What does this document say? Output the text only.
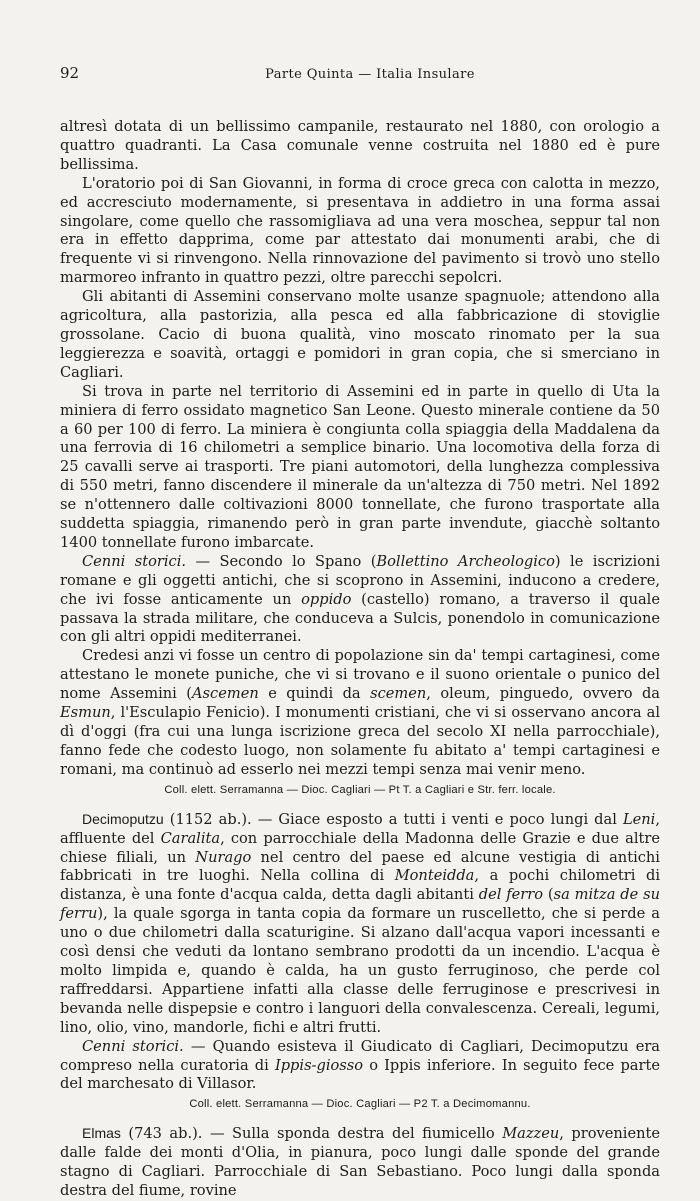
92	Parte Quinta — Italia Insulare

altresì dotata di un bellissimo campanile, restaurato nel 1880, con orologio a quattro quadranti. La Casa comunale venne costruita nel 1880 ed è pure bellissima.

L'oratorio poi di San Giovanni, in forma di croce greca con calotta in mezzo, ed accresciuto modernamente, si presentava in addietro in una forma assai singolare, come quello che rassomigliava ad una vera moschea, seppur tal non era in effetto dapprima, come par attestato dai monumenti arabi, che di frequente vi si rinvengono. Nella rinnovazione del pavimento si trovò uno stello marmoreo infranto in quattro pezzi, oltre parecchi sepolcri.

Gli abitanti di Assemini conservano molte usanze spagnuole; attendono alla agricoltura, alla pastorizia, alla pesca ed alla fabbricazione di stoviglie grossolane. Cacio di buona qualità, vino moscato rinomato per la sua leggierezza e soavità, ortaggi e pomidori in gran copia, che si smerciano in Cagliari.

Si trova in parte nel territorio di Assemini ed in parte in quello di Uta la miniera di ferro ossidato magnetico San Leone. Questo minerale contiene da 50 a 60 per 100 di ferro. La miniera è congiunta colla spiaggia della Maddalena da una ferrovia di 16 chilometri a semplice binario. Una locomotiva della forza di 25 cavalli serve ai trasporti. Tre piani automotori, della lunghezza complessiva di 550 metri, fanno discendere il minerale da un'altezza di 750 metri. Nel 1892 se n'ottennero dalle coltivazioni 8000 tonnellate, che furono trasportate alla suddetta spiaggia, rimanendo però in gran parte invendute, giacchè soltanto 1400 tonnellate furono imbarcate.

Cenni storici. — Secondo lo Spano (Bollettino Archeologico) le iscrizioni romane e gli oggetti antichi, che si scoprono in Assemini, inducono a credere, che ivi fosse anticamente un oppido (castello) romano, a traverso il quale passava la strada militare, che conduceva a Sulcis, ponendolo in comunicazione con gli altri oppidi mediterranei.

Credesi anzi vi fosse un centro di popolazione sin da' tempi cartaginesi, come attestano le monete puniche, che vi si trovano e il suono orientale o punico del nome Assemini (Ascemen e quindi da scemen, oleum, pinguedo, ovvero da Esmun, l'Esculapio Fenicio). I monumenti cristiani, che vi si osservano ancora al dì d'oggi (fra cui una lunga iscrizione greca del secolo XI nella parrocchiale), fanno fede che codesto luogo, non solamente fu abitato a' tempi cartaginesi e romani, ma continuò ad esserlo nei mezzi tempi senza mai venir meno.

Coll. elett. Serramanna — Dioc. Cagliari — Pt T. a Cagliari e Str. ferr. locale.

Decimoputzu (1152 ab.). — Giace esposto a tutti i venti e poco lungi dal Leni, affluente del Caralita, con parrocchiale della Madonna delle Grazie e due altre chiese filiali, un Nurago nel centro del paese ed alcune vestigia di antichi fabbricati in tre luoghi. Nella collina di Monteidda, a pochi chilometri di distanza, è una fonte d'acqua calda, detta dagli abitanti del ferro (sa mitza de su ferru), la quale sgorga in tanta copia da formare un ruscelletto, che si perde a uno o due chilometri dalla scaturigine. Si alzano dall'acqua vapori incessanti e così densi che veduti da lontano sembrano prodotti da un incendio. L'acqua è molto limpida e, quando è calda, ha un gusto ferruginoso, che perde col raffreddarsi. Appartiene infatti alla classe delle ferruginose e prescrivesi in bevanda nelle dispepsie e contro i languori della convalescenza. Cereali, legumi, lino, olio, vino, mandorle, fichi e altri frutti.

Cenni storici. — Quando esisteva il Giudicato di Cagliari, Decimoputzu era compreso nella curatoria di Ippis-giosso o Ippis inferiore. In seguito fece parte del marchesato di Villasor.

Coll. elett. Serramanna — Dioc. Cagliari — P2 T. a Decimomannu.

Elmas (743 ab.). — Sulla sponda destra del fiumicello Mazzeu, proveniente dalle falde dei monti d'Olia, in pianura, poco lungi dalle sponde del grande stagno di Cagliari. Parrocchiale di San Sebastiano. Poco lungi dalla sponda destra del fiume, rovine
